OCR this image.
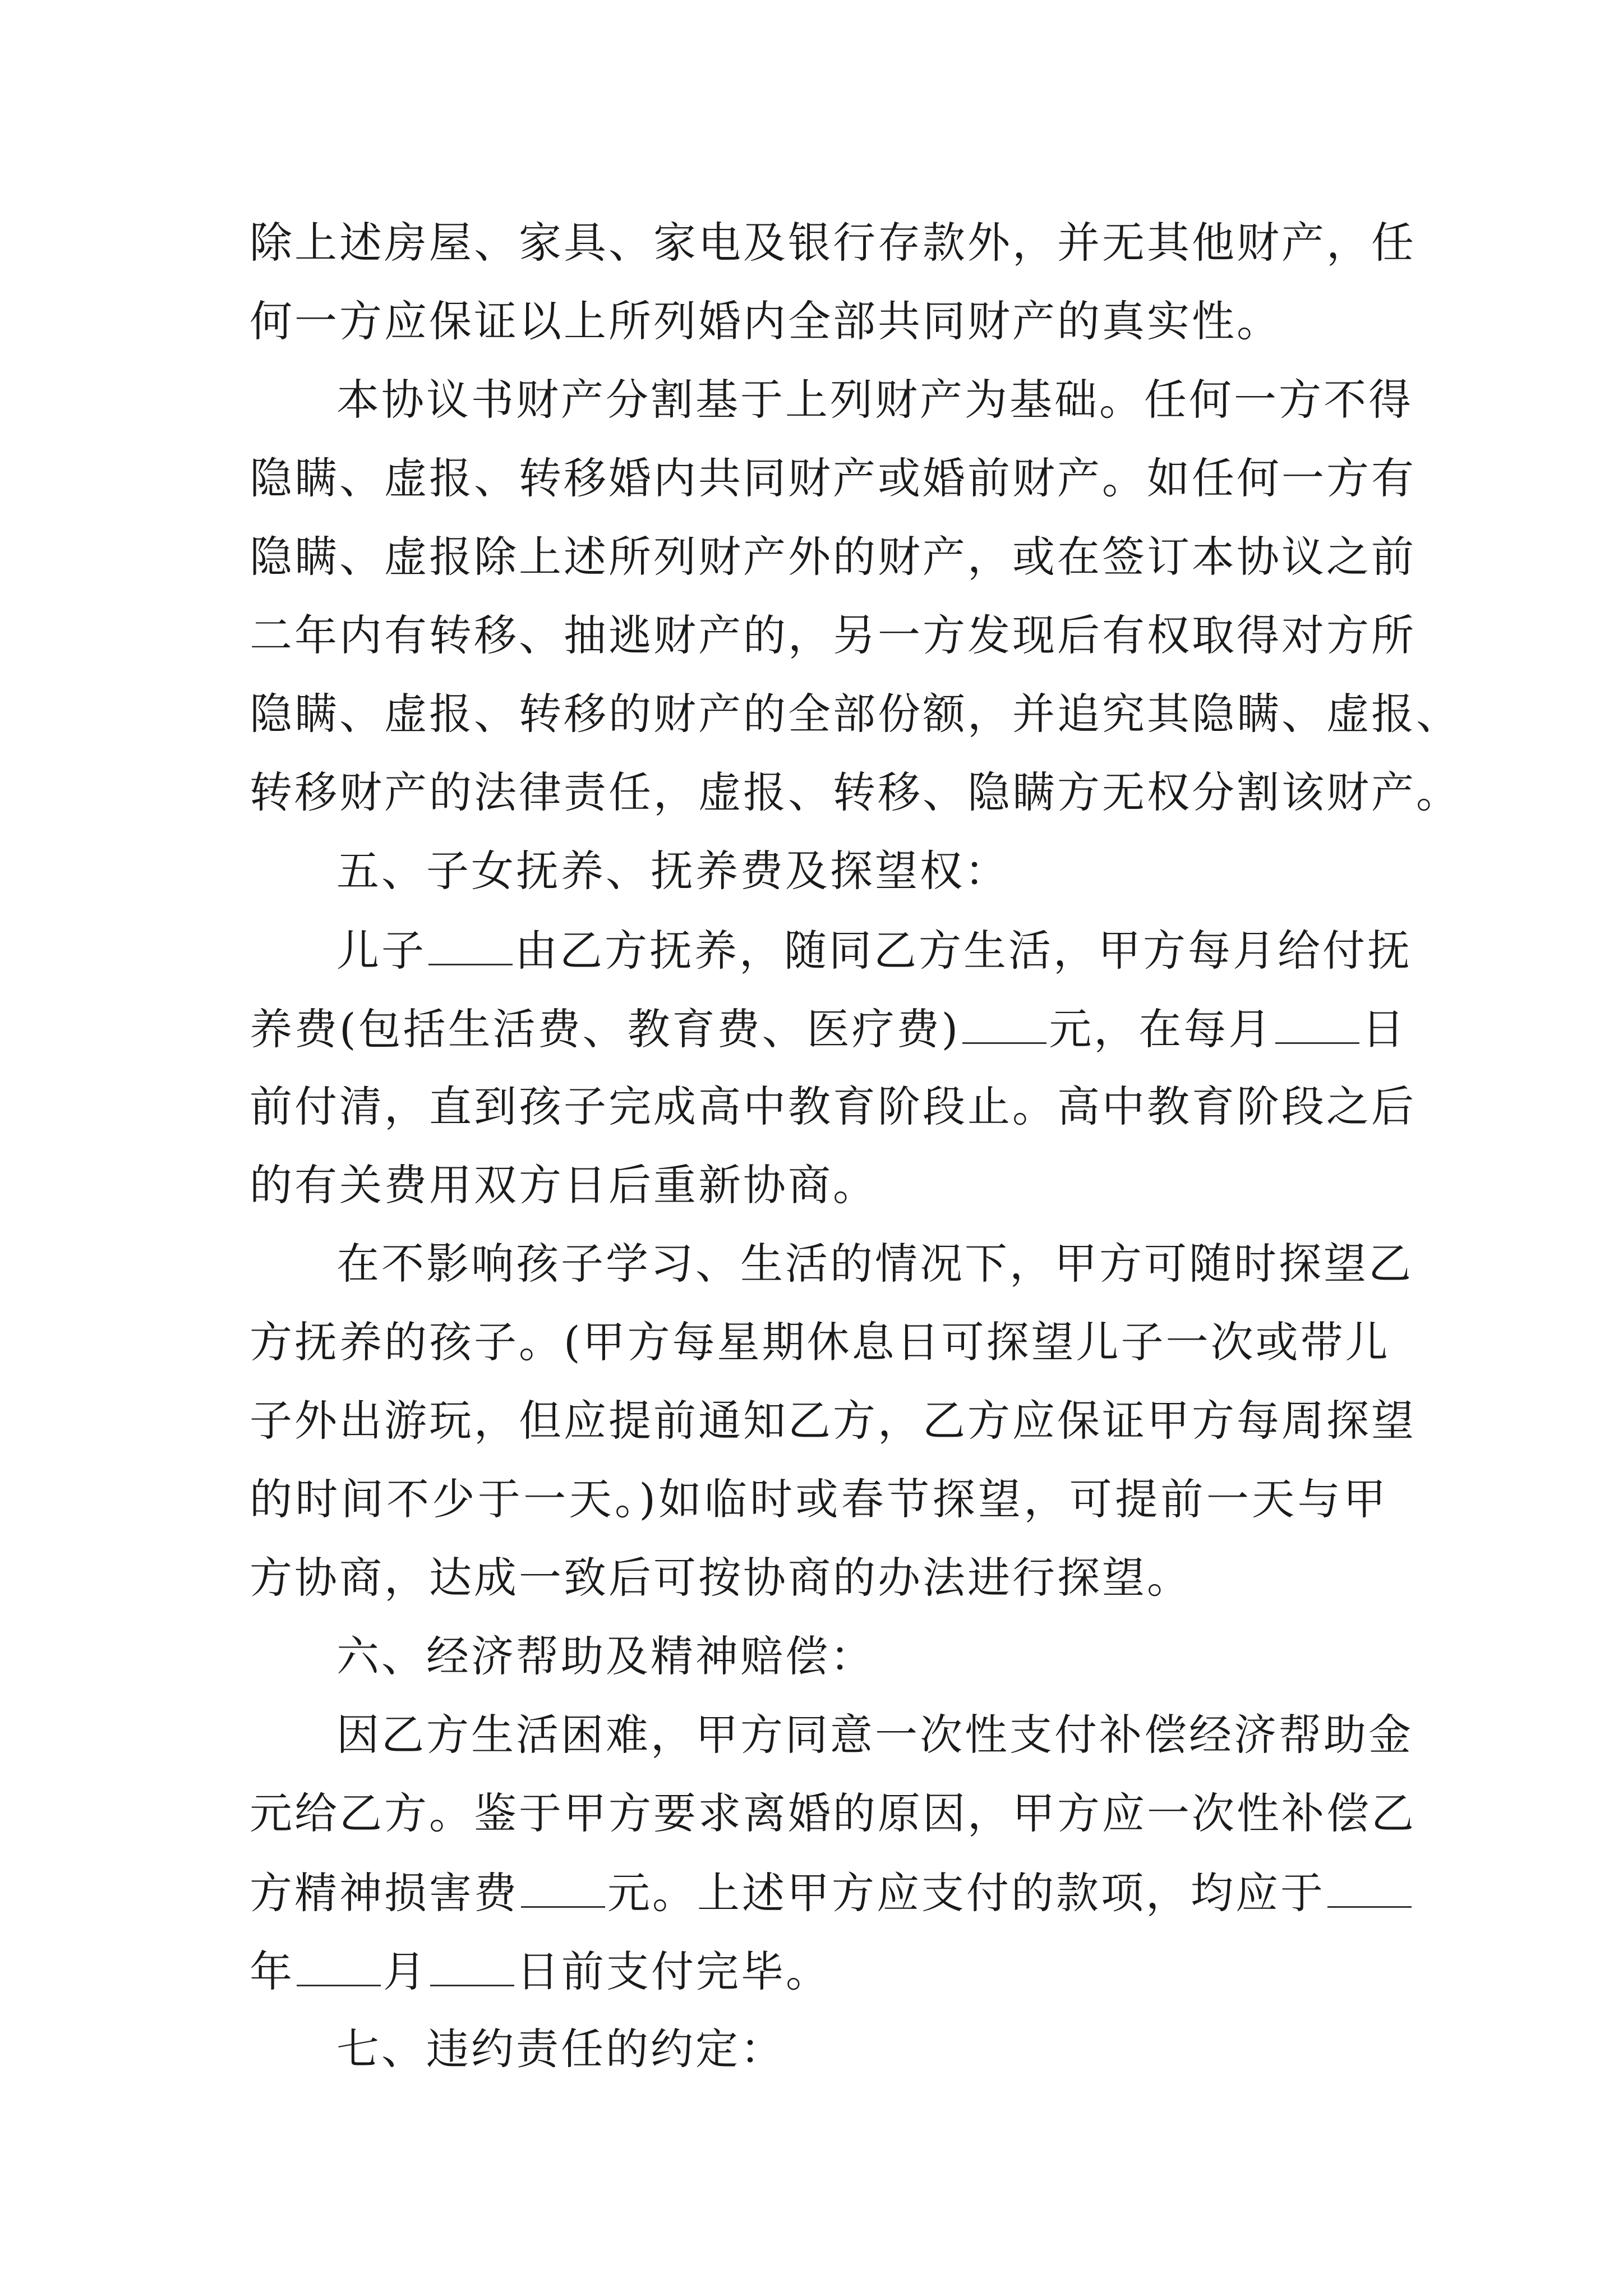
除上述房屋、家具、家电及银行存款外，并无其他财产，任
何一方应保证以上所列婚内全部共同财产的真实性。
本协议书财产分割基于上列财产为基础。任何一方不得
隐瞒、虚报、转移婚内共同财产或婚前财产。如任何一方有
隐瞒、虚报除上述所列财产外的财产，或在签订本协议之前
二年内有转移、抽逃财产的，另一方发现后有权取得对方所
隐瞒、虚报、转移的财产的全部份额，并追究其隐瞒、虚报、
转移财产的法律责任，虚报、转移、隐瞒方无权分割该财产。
五、子女抚养、抚养费及探望权：
儿子 由乙方抚养，随同乙方生活，甲方每月给付抚
养费(包括生活费、教育费、医疗费) 元，在每月 日
前付清，直到孩子完成高中教育阶段止。高中教育阶段之后
的有关费用双方日后重新协商。
在不影响孩子学习、生活的情况下，甲方可随时探望乙
方抚养的孩子。(甲方每星期休息日可探望儿子一次或带儿
子外出游玩，但应提前通知乙方，乙方应保证甲方每周探望
的时间不少于一天。)如临时或春节探望，可提前一天与甲
方协商，达成一致后可按协商的办法进行探望。
六、经济帮助及精神赔偿：
因乙方生活困难，甲方同意一次性支付补偿经济帮助金
元给乙方。鉴于甲方要求离婚的原因，甲方应一次性补偿乙
方精神损害费 元。上述甲方应支付的款项，均应于
年 月 日前支付完毕。
七、违约责任的约定：
